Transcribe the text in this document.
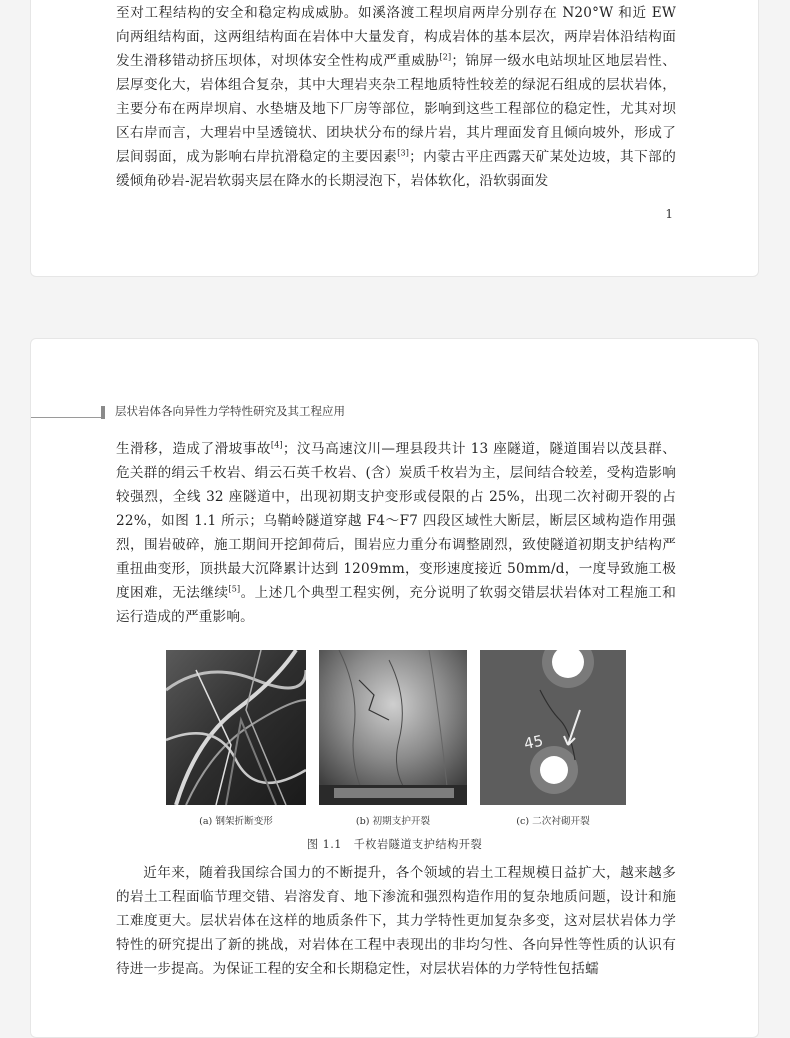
至对工程结构的安全和稳定构成威胁。如溪洛渡工程坝肩两岸分别存在 N20°W 和近 EW 向两组结构面，这两组结构面在岩体中大量发育，构成岩体的基本层次，两岸岩体沿结构面发生滑移错动挤压坝体，对坝体安全性构成严重威胁[2]；锦屏一级水电站坝址区地层岩性、层厚变化大，岩体组合复杂，其中大理岩夹杂工程地质特性较差的绿泥石组成的层状岩体，主要分布在两岸坝肩、水垫塘及地下厂房等部位，影响到这些工程部位的稳定性，尤其对坝区右岸而言，大理岩中呈透镜状、团块状分布的绿片岩，其片理面发育且倾向坡外，形成了层间弱面，成为影响右岸抗滑稳定的主要因素[3]；内蒙古平庄西露天矿某处边坡，其下部的缓倾角砂岩-泥岩软弱夹层在降水的长期浸泡下，岩体软化，沿软弱面发

1
层状岩体各向异性力学特性研究及其工程应用

生滑移，造成了滑坡事故[4]；汶马高速汶川—理县段共计 13 座隧道，隧道围岩以茂县群、危关群的绢云千枚岩、绢云石英千枚岩、(含）炭质千枚岩为主，层间结合较差，受构造影响较强烈，全线 32 座隧道中，出现初期支护变形或侵限的占 25%，出现二次衬砌开裂的占 22%，如图 1.1 所示；乌鞘岭隧道穿越 F4～F7 四段区域性大断层，断层区域构造作用强烈，围岩破碎，施工期间开挖卸荷后，围岩应力重分布调整剧烈，致使隧道初期支护结构严重扭曲变形，顶拱最大沉降累计达到 1209mm，变形速度接近 50mm/d，一度导致施工极度困难，无法继续[5]。上述几个典型工程实例，充分说明了软弱交错层状岩体对工程施工和运行造成的严重影响。

45
(a) 钢架折断变形	(b) 初期支护开裂	(c) 二次衬砌开裂
图 1.1　千枚岩隧道支护结构开裂

近年来，随着我国综合国力的不断提升，各个领域的岩土工程规模日益扩大，越来越多的岩土工程面临节理交错、岩溶发育、地下渗流和强烈构造作用的复杂地质问题，设计和施工难度更大。层状岩体在这样的地质条件下，其力学特性更加复杂多变，这对层状岩体力学特性的研究提出了新的挑战，对岩体在工程中表现出的非均匀性、各向异性等性质的认识有待进一步提高。为保证工程的安全和长期稳定性，对层状岩体的力学特性包括蠕
